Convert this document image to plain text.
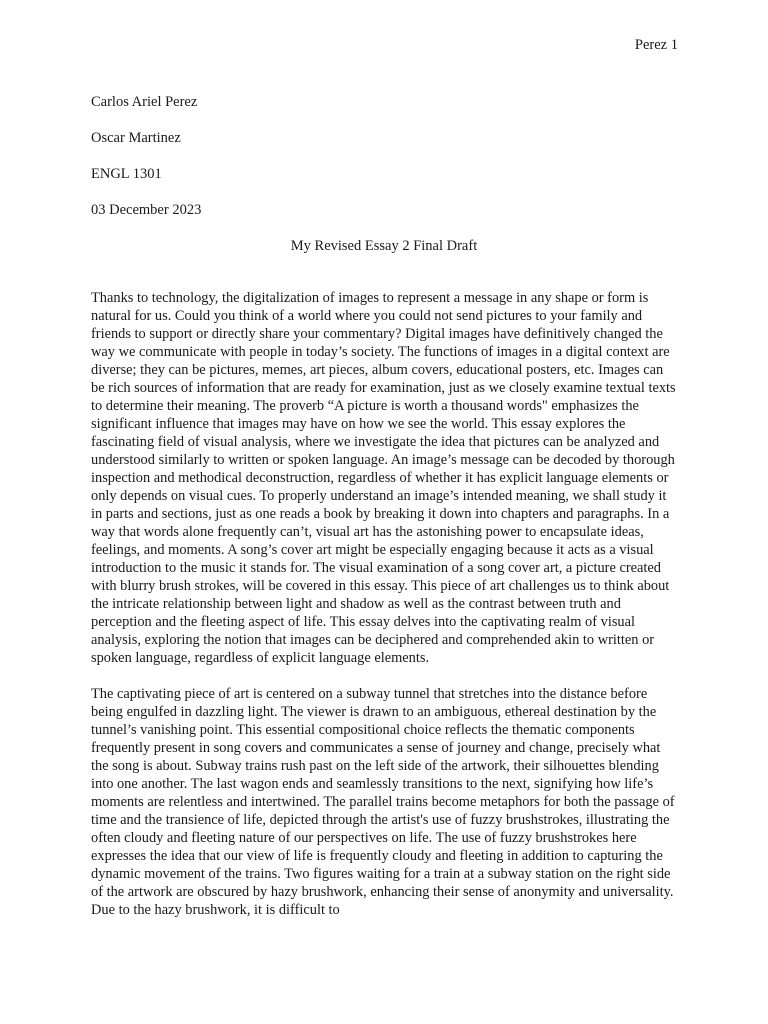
Perez 1
Carlos Ariel Perez
Oscar Martinez
ENGL 1301
03 December 2023
My Revised Essay 2 Final Draft

Thanks to technology, the digitalization of images to represent a message in any shape or form is natural for us. Could you think of a world where you could not send pictures to your family and friends to support or directly share your commentary? Digital images have definitively changed the way we communicate with people in today’s society. The functions of images in a digital context are diverse; they can be pictures, memes, art pieces, album covers, educational posters, etc. Images can be rich sources of information that are ready for examination, just as we closely examine textual texts to determine their meaning. The proverb “A picture is worth a thousand words" emphasizes the significant influence that images may have on how we see the world. This essay explores the fascinating field of visual analysis, where we investigate the idea that pictures can be analyzed and understood similarly to written or spoken language. An image’s message can be decoded by thorough inspection and methodical deconstruction, regardless of whether it has explicit language elements or only depends on visual cues. To properly understand an image’s intended meaning, we shall study it in parts and sections, just as one reads a book by breaking it down into chapters and paragraphs. In a way that words alone frequently can’t, visual art has the astonishing power to encapsulate ideas, feelings, and moments. A song’s cover art might be especially engaging because it acts as a visual introduction to the music it stands for. The visual examination of a song cover art, a picture created with blurry brush strokes, will be covered in this essay. This piece of art challenges us to think about the intricate relationship between light and shadow as well as the contrast between truth and perception and the fleeting aspect of life. This essay delves into the captivating realm of visual analysis, exploring the notion that images can be deciphered and comprehended akin to written or spoken language, regardless of explicit language elements.

The captivating piece of art is centered on a subway tunnel that stretches into the distance before being engulfed in dazzling light. The viewer is drawn to an ambiguous, ethereal destination by the tunnel’s vanishing point. This essential compositional choice reflects the thematic components frequently present in song covers and communicates a sense of journey and change, precisely what the song is about. Subway trains rush past on the left side of the artwork, their silhouettes blending into one another. The last wagon ends and seamlessly transitions to the next, signifying how life’s moments are relentless and intertwined. The parallel trains become metaphors for both the passage of time and the transience of life, depicted through the artist's use of fuzzy brushstrokes, illustrating the often cloudy and fleeting nature of our perspectives on life. The use of fuzzy brushstrokes here expresses the idea that our view of life is frequently cloudy and fleeting in addition to capturing the dynamic movement of the trains. Two figures waiting for a train at a subway station on the right side of the artwork are obscured by hazy brushwork, enhancing their sense of anonymity and universality. Due to the hazy brushwork, it is difficult to
